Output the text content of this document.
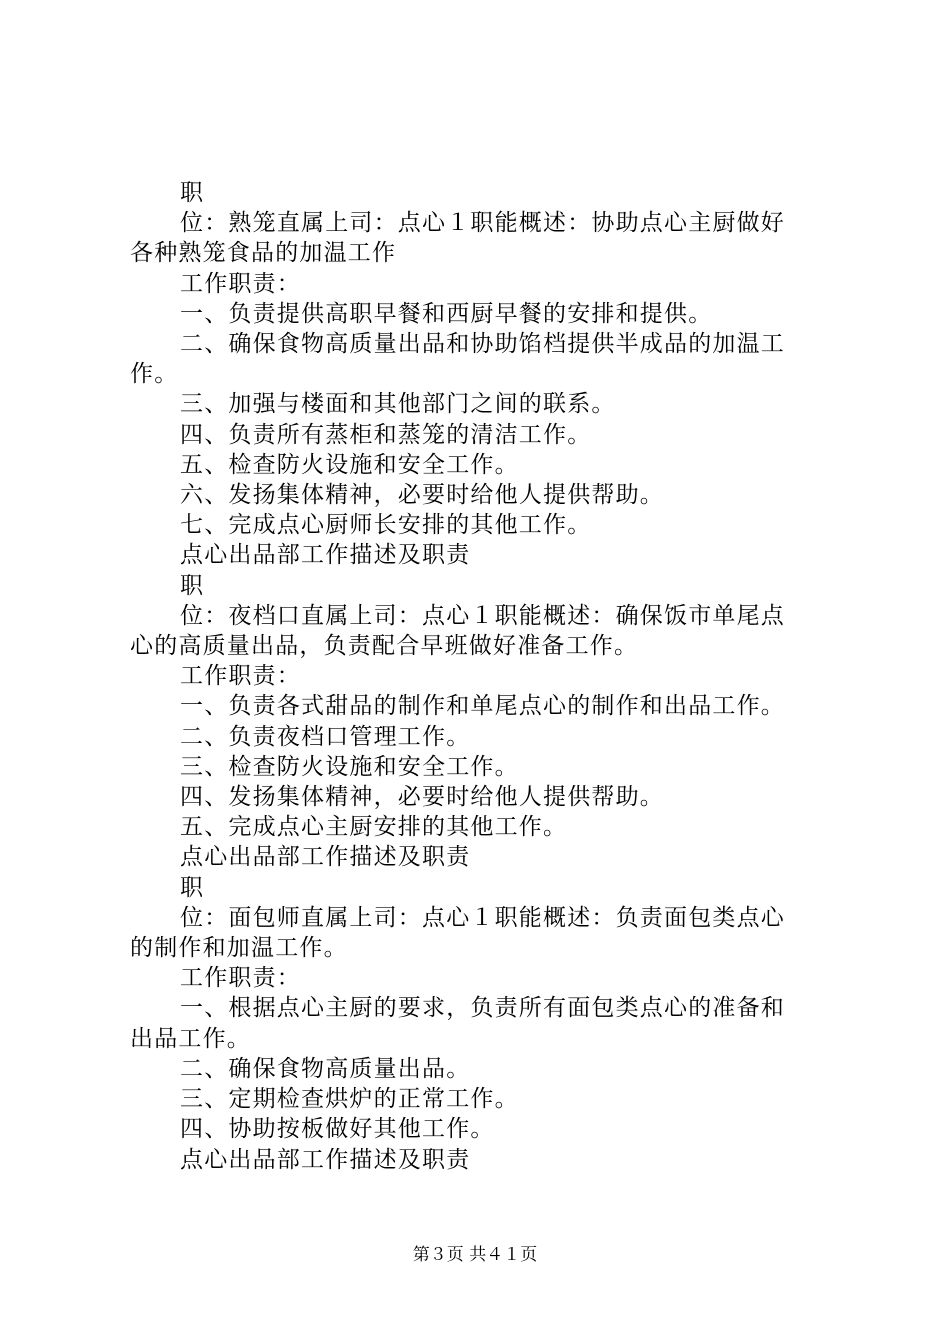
职
位：熟笼直属上司：点心１职能概述：协助点心主厨做好
各种熟笼食品的加温工作
工作职责：
一、负责提供高职早餐和西厨早餐的安排和提供。
二、确保食物高质量出品和协助馅档提供半成品的加温工
作。
三、加强与楼面和其他部门之间的联系。
四、负责所有蒸柜和蒸笼的清洁工作。
五、检查防火设施和安全工作。
六、发扬集体精神，必要时给他人提供帮助。
七、完成点心厨师长安排的其他工作。
点心出品部工作描述及职责
职
位：夜档口直属上司：点心１职能概述：确保饭市单尾点
心的高质量出品，负责配合早班做好准备工作。
工作职责：
一、负责各式甜品的制作和单尾点心的制作和出品工作。
二、负责夜档口管理工作。
三、检查防火设施和安全工作。
四、发扬集体精神，必要时给他人提供帮助。
五、完成点心主厨安排的其他工作。
点心出品部工作描述及职责
职
位：面包师直属上司：点心１职能概述：负责面包类点心
的制作和加温工作。
工作职责：
一、根据点心主厨的要求，负责所有面包类点心的准备和
出品工作。
二、确保食物高质量出品。
三、定期检查烘炉的正常工作。
四、协助按板做好其他工作。
点心出品部工作描述及职责
第３页 共４１页
